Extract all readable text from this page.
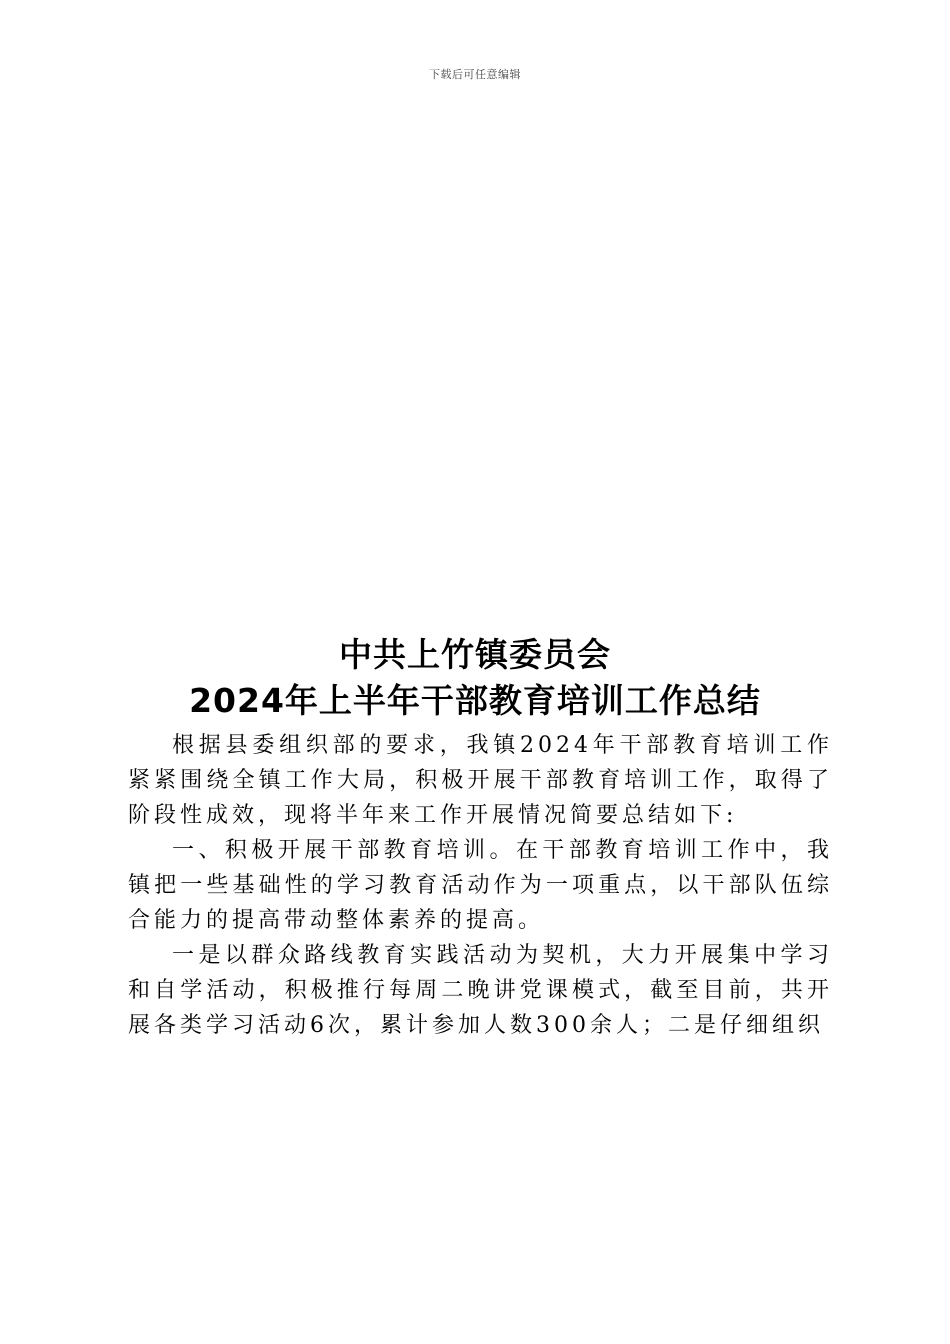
下载后可任意编辑
中共上竹镇委员会
2024年上半年干部教育培训工作总结

根据县委组织部的要求，我镇2024年干部教育培训工作紧紧围绕全镇工作大局，积极开展干部教育培训工作，取得了阶段性成效，现将半年来工作开展情况简要总结如下:

一、积极开展干部教育培训。在干部教育培训工作中，我镇把一些基础性的学习教育活动作为一项重点，以干部队伍综合能力的提高带动整体素养的提高。

一是以群众路线教育实践活动为契机，大力开展集中学习和自学活动，积极推行每周二晚讲党课模式，截至目前，共开展各类学习活动6次，累计参加人数300余人；二是仔细组织
